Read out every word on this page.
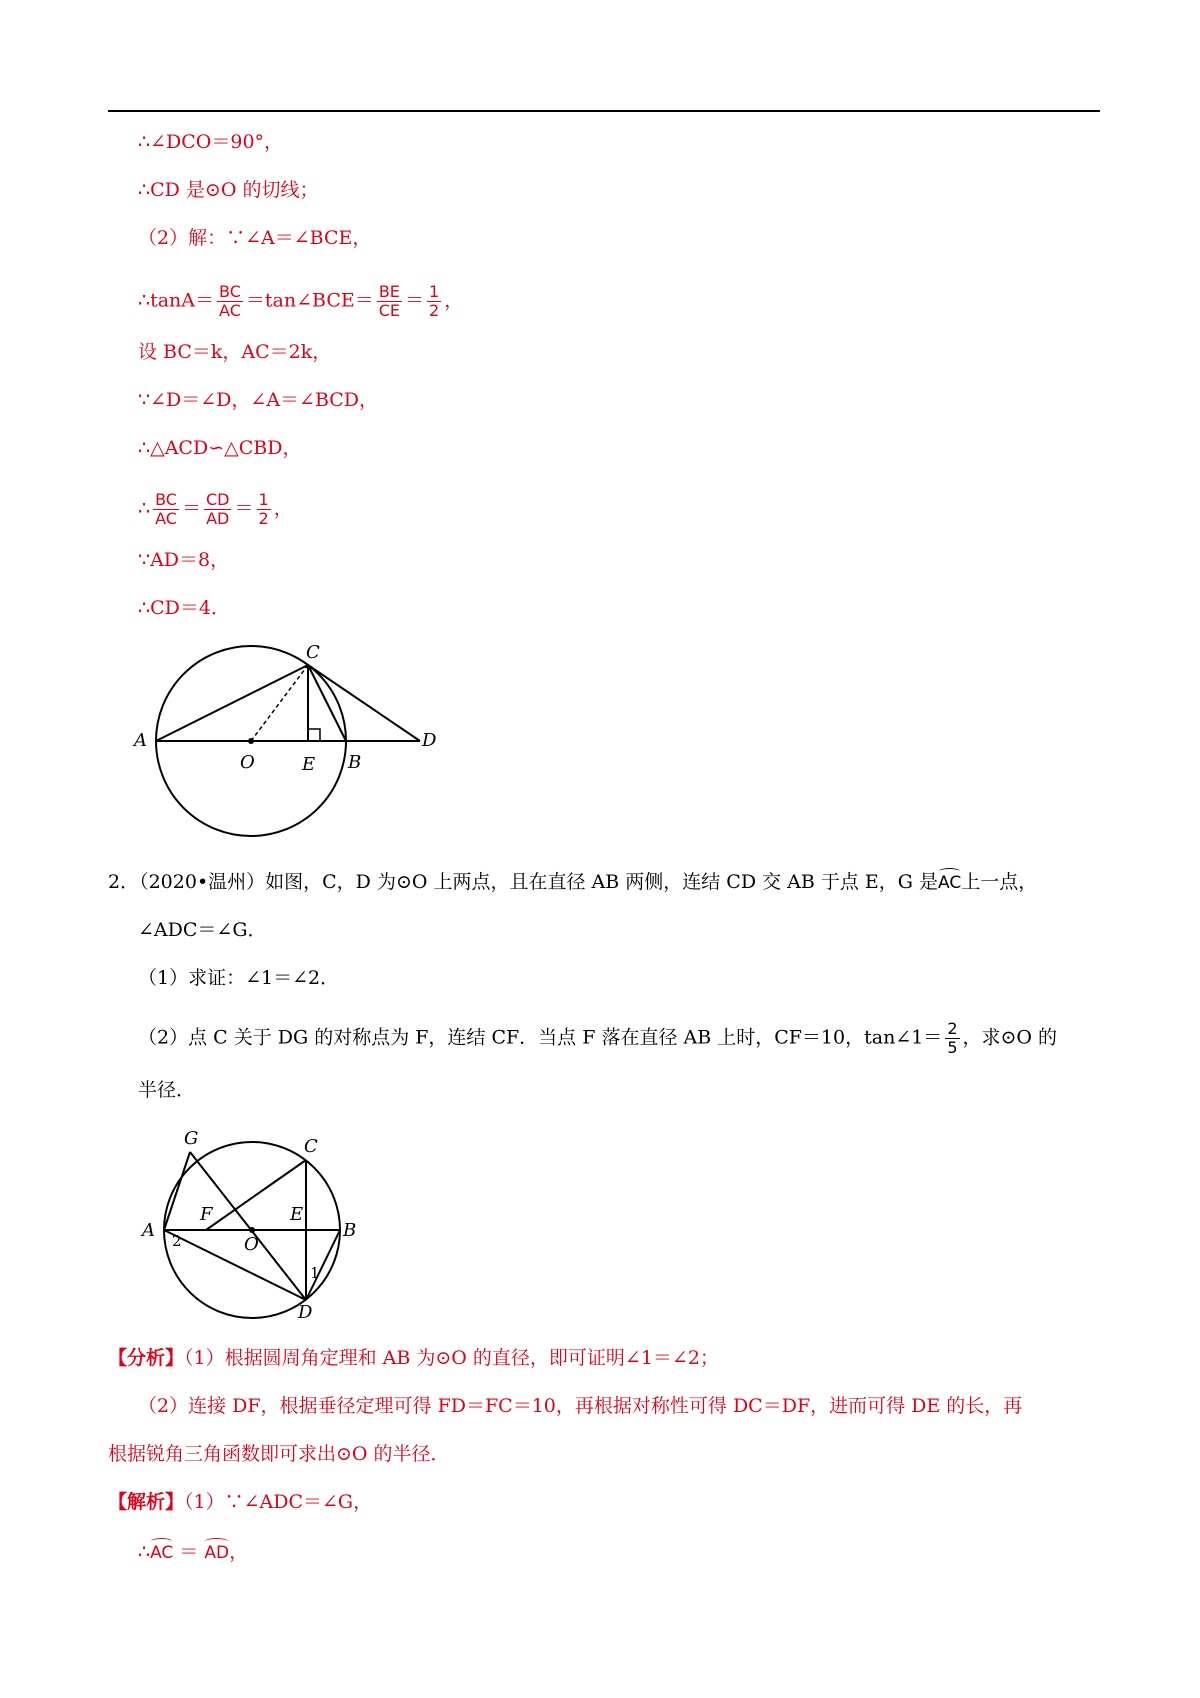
∴∠DCO＝90°，
∴CD 是⊙O 的切线；
（2）解：∵∠A＝∠BCE，
∴tanA＝ $\frac{BC}{AC}$ ＝tan∠BCE＝ $\frac{BE}{CE} = \frac{1}{2}$ ，
设 BC＝k，AC＝2k，
∵∠D＝∠D，∠A＝∠BCD，
∴△ACD∽△CBD，
∴ $\frac{BC}{AC} = \frac{CD}{AD} = \frac{1}{2}$ ，
∵AD＝8，
∴CD＝4．
A
C
O	E B
D
2．（2020•温州）如图，C，D 为⊙O 上两点，且在直径 AB 两侧，连结 CD 交 AB 于点 E，G 是AC上一点，
∠ADC＝∠G．
（1）求证：∠1＝∠2．
（2）点 C 关于 DG 的对称点为 F，连结 CF．当点 F 落在直径 AB 上时，CF＝10，tan∠1＝ $\frac{2}{5}$ ，求⊙O 的
半径．
G	C
F	E
A	B
O
D
1
2
【分析】（1）根据圆周角定理和 AB 为⊙O 的直径，即可证明∠1＝∠2；
（2）连接 DF，根据垂径定理可得 FD＝FC＝10，再根据对称性可得 DC＝DF，进而可得 DE 的长，再
根据锐角三角函数即可求出⊙O 的半径．
【解析】（1）∵∠ADC＝∠G，
∴AC ＝ AD，
